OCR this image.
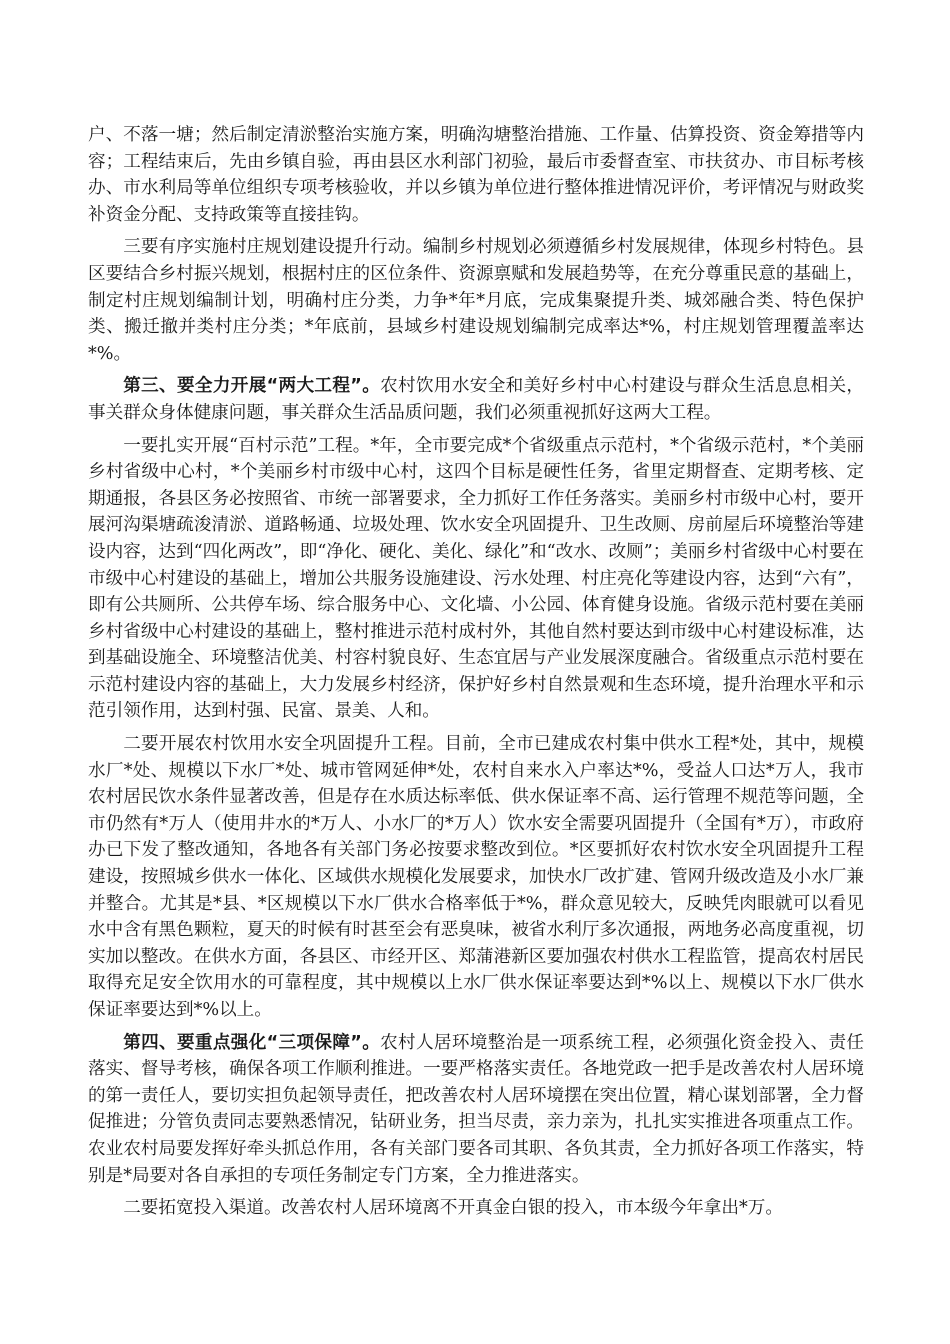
户、不落一塘；然后制定清淤整治实施方案，明确沟塘整治措施、工作量、估算投资、资金筹措等内容；工程结束后，先由乡镇自验，再由县区水利部门初验，最后市委督查室、市扶贫办、市目标考核办、市水利局等单位组织专项考核验收，并以乡镇为单位进行整体推进情况评价，考评情况与财政奖补资金分配、支持政策等直接挂钩。

三要有序实施村庄规划建设提升行动。编制乡村规划必须遵循乡村发展规律，体现乡村特色。县区要结合乡村振兴规划，根据村庄的区位条件、资源禀赋和发展趋势等，在充分尊重民意的基础上，制定村庄规划编制计划，明确村庄分类，力争*年*月底，完成集聚提升类、城郊融合类、特色保护类、搬迁撤并类村庄分类；*年底前，县域乡村建设规划编制完成率达*%，村庄规划管理覆盖率达*%。

第三、要全力开展“两大工程”。农村饮用水安全和美好乡村中心村建设与群众生活息息相关，事关群众身体健康问题，事关群众生活品质问题，我们必须重视抓好这两大工程。

一要扎实开展“百村示范”工程。*年，全市要完成*个省级重点示范村，*个省级示范村，*个美丽乡村省级中心村，*个美丽乡村市级中心村，这四个目标是硬性任务，省里定期督查、定期考核、定期通报，各县区务必按照省、市统一部署要求，全力抓好工作任务落实。美丽乡村市级中心村，要开展河沟渠塘疏浚清淤、道路畅通、垃圾处理、饮水安全巩固提升、卫生改厕、房前屋后环境整治等建设内容，达到“四化两改”，即“净化、硬化、美化、绿化”和“改水、改厕”；美丽乡村省级中心村要在市级中心村建设的基础上，增加公共服务设施建设、污水处理、村庄亮化等建设内容，达到“六有”，即有公共厕所、公共停车场、综合服务中心、文化墙、小公园、体育健身设施。省级示范村要在美丽乡村省级中心村建设的基础上，整村推进示范村成村外，其他自然村要达到市级中心村建设标准，达到基础设施全、环境整洁优美、村容村貌良好、生态宜居与产业发展深度融合。省级重点示范村要在示范村建设内容的基础上，大力发展乡村经济，保护好乡村自然景观和生态环境，提升治理水平和示范引领作用，达到村强、民富、景美、人和。

二要开展农村饮用水安全巩固提升工程。目前，全市已建成农村集中供水工程*处，其中，规模水厂*处、规模以下水厂*处、城市管网延伸*处，农村自来水入户率达*%，受益人口达*万人，我市农村居民饮水条件显著改善，但是存在水质达标率低、供水保证率不高、运行管理不规范等问题，全市仍然有*万人（使用井水的*万人、小水厂的*万人）饮水安全需要巩固提升（全国有*万），市政府办已下发了整改通知，各地各有关部门务必按要求整改到位。*区要抓好农村饮水安全巩固提升工程建设，按照城乡供水一体化、区域供水规模化发展要求，加快水厂改扩建、管网升级改造及小水厂兼并整合。尤其是*县、*区规模以下水厂供水合格率低于*%，群众意见较大，反映凭肉眼就可以看见水中含有黑色颗粒，夏天的时候有时甚至会有恶臭味，被省水利厅多次通报，两地务必高度重视，切实加以整改。在供水方面，各县区、市经开区、郑蒲港新区要加强农村供水工程监管，提高农村居民取得充足安全饮用水的可靠程度，其中规模以上水厂供水保证率要达到*%以上、规模以下水厂供水保证率要达到*%以上。

第四、要重点强化“三项保障”。农村人居环境整治是一项系统工程，必须强化资金投入、责任落实、督导考核，确保各项工作顺利推进。一要严格落实责任。各地党政一把手是改善农村人居环境的第一责任人，要切实担负起领导责任，把改善农村人居环境摆在突出位置，精心谋划部署，全力督促推进；分管负责同志要熟悉情况，钻研业务，担当尽责，亲力亲为，扎扎实实推进各项重点工作。农业农村局要发挥好牵头抓总作用，各有关部门要各司其职、各负其责，全力抓好各项工作落实，特别是*局要对各自承担的专项任务制定专门方案，全力推进落实。

二要拓宽投入渠道。改善农村人居环境离不开真金白银的投入，市本级今年拿出*万。
